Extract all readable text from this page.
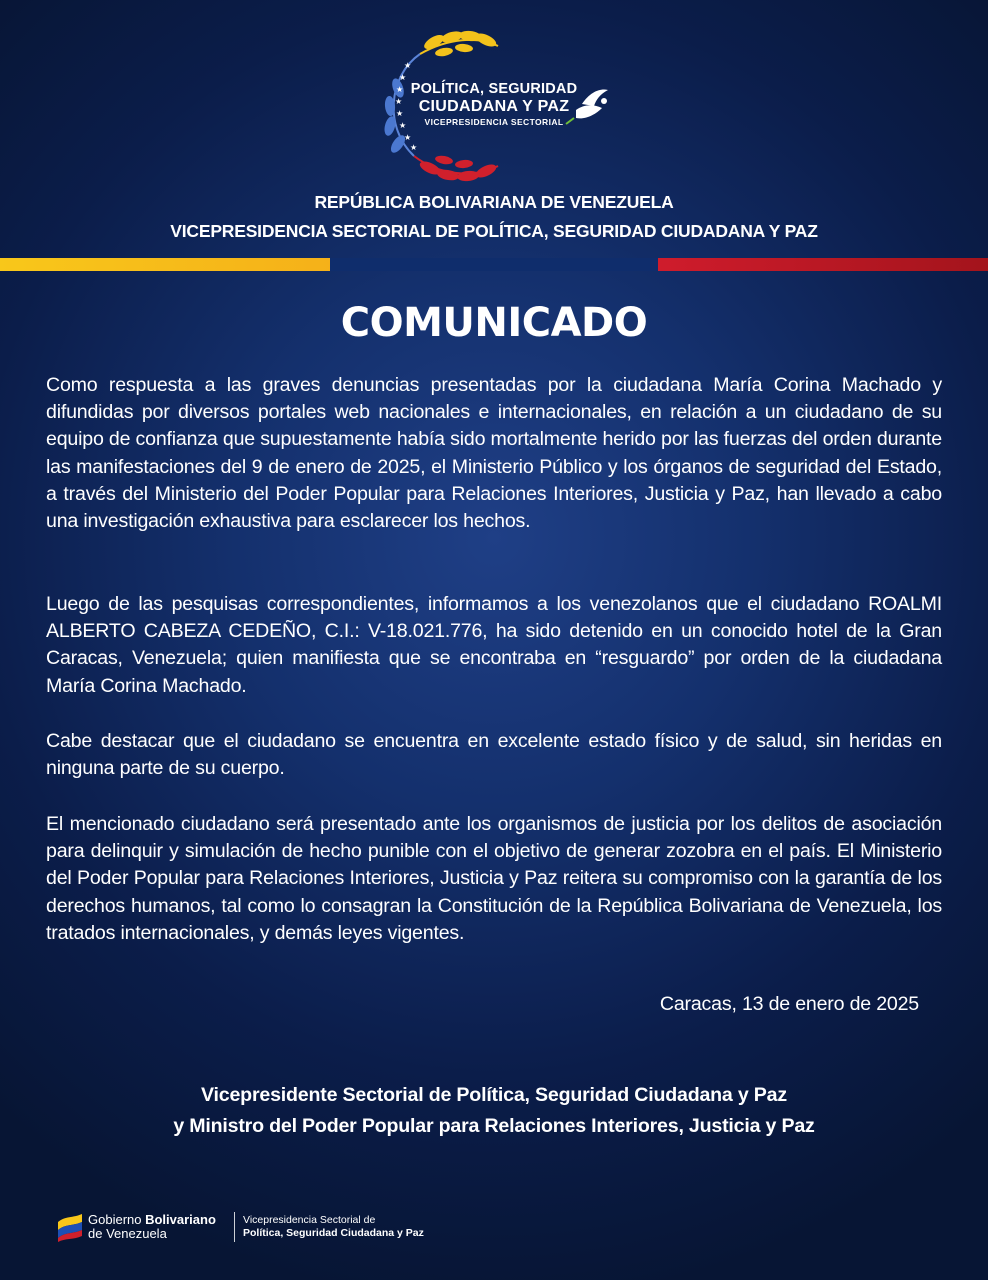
★
★
★
★
★
★
★
★
POLÍTICA, SEGURIDAD
CIUDADANA Y PAZ
VICEPRESIDENCIA SECTORIAL
REPÚBLICA BOLIVARIANA DE VENEZUELA
VICEPRESIDENCIA SECTORIAL DE POLÍTICA, SEGURIDAD CIUDADANA Y PAZ
COMUNICADO

Como respuesta a las graves denuncias presentadas por la ciudadana María Corina Machado y difundidas por diversos portales web nacionales e internacionales, en relación a un ciudadano de su equipo de confianza que supuestamente había sido mortalmente herido por las fuerzas del orden durante las manifestaciones del 9 de enero de 2025, el Ministerio Público y los órganos de seguridad del Estado, a través del Ministerio del Poder Popular para Relaciones Interiores, Justicia y Paz, han llevado a cabo una investigación exhaustiva para esclarecer los hechos.

Luego de las pesquisas correspondientes, informamos a los venezolanos que el ciudadano ROALMI ALBERTO CABEZA CEDEÑO, C.I.: V-18.021.776, ha sido detenido en un conocido hotel de la Gran Caracas, Venezuela; quien manifiesta que se encontraba en “resguardo” por orden de la ciudadana María Corina Machado.

Cabe destacar que el ciudadano se encuentra en excelente estado físico y de salud, sin heridas en ninguna parte de su cuerpo.

El mencionado ciudadano será presentado ante los organismos de justicia por los delitos de asociación para delinquir y simulación de hecho punible con el objetivo de generar zozobra en el país. El Ministerio del Poder Popular para Relaciones Interiores, Justicia y Paz reitera su compromiso con la garantía de los derechos humanos, tal como lo consagran la Constitución de la República Bolivariana de Venezuela, los tratados internacionales, y demás leyes vigentes.

Caracas, 13 de enero de 2025
Vicepresidente Sectorial de Política, Seguridad Ciudadana y Paz
y Ministro del Poder Popular para Relaciones Interiores, Justicia y Paz
Gobierno Bolivariano
de Venezuela
Vicepresidencia Sectorial de
Política, Seguridad Ciudadana y Paz
